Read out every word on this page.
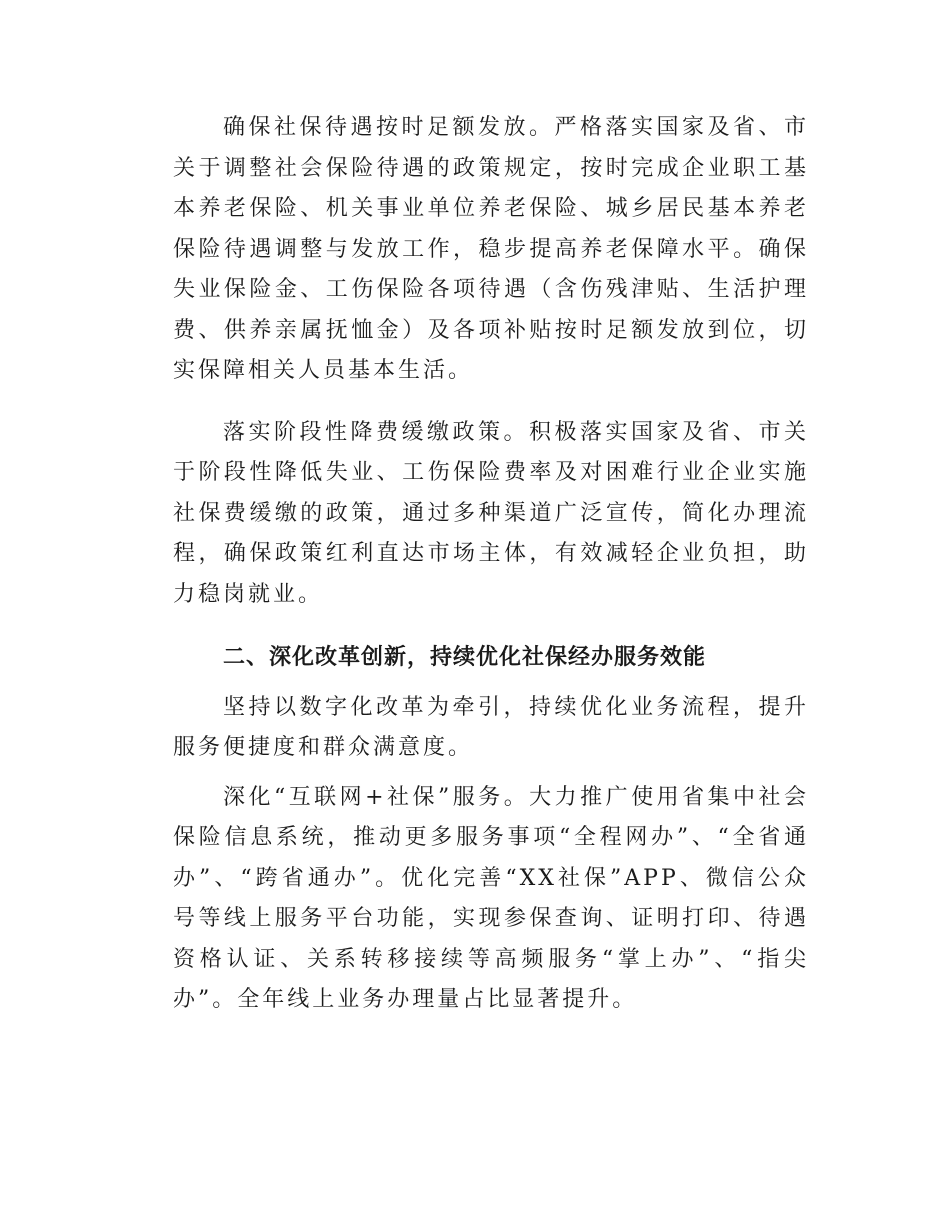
确保社保待遇按时足额发放。严格落实国家及省、市关于调整社会保险待遇的政策规定，按时完成企业职工基本养老保险、机关事业单位养老保险、城乡居民基本养老保险待遇调整与发放工作，稳步提高养老保障水平。确保失业保险金、工伤保险各项待遇（含伤残津贴、生活护理费、供养亲属抚恤金）及各项补贴按时足额发放到位，切实保障相关人员基本生活。

落实阶段性降费缓缴政策。积极落实国家及省、市关于阶段性降低失业、工伤保险费率及对困难行业企业实施社保费缓缴的政策，通过多种渠道广泛宣传，简化办理流程，确保政策红利直达市场主体，有效减轻企业负担，助力稳岗就业。

二、深化改革创新，持续优化社保经办服务效能

坚持以数字化改革为牵引，持续优化业务流程，提升服务便捷度和群众满意度。

深化“互联网+社保”服务。大力推广使用省集中社会保险信息系统，推动更多服务事项“全程网办”、“全省通办”、“跨省通办”。优化完善“XX社保”APP、微信公众号等线上服务平台功能，实现参保查询、证明打印、待遇资格认证、关系转移接续等高频服务“掌上办”、“指尖办”。全年线上业务办理量占比显著提升。
